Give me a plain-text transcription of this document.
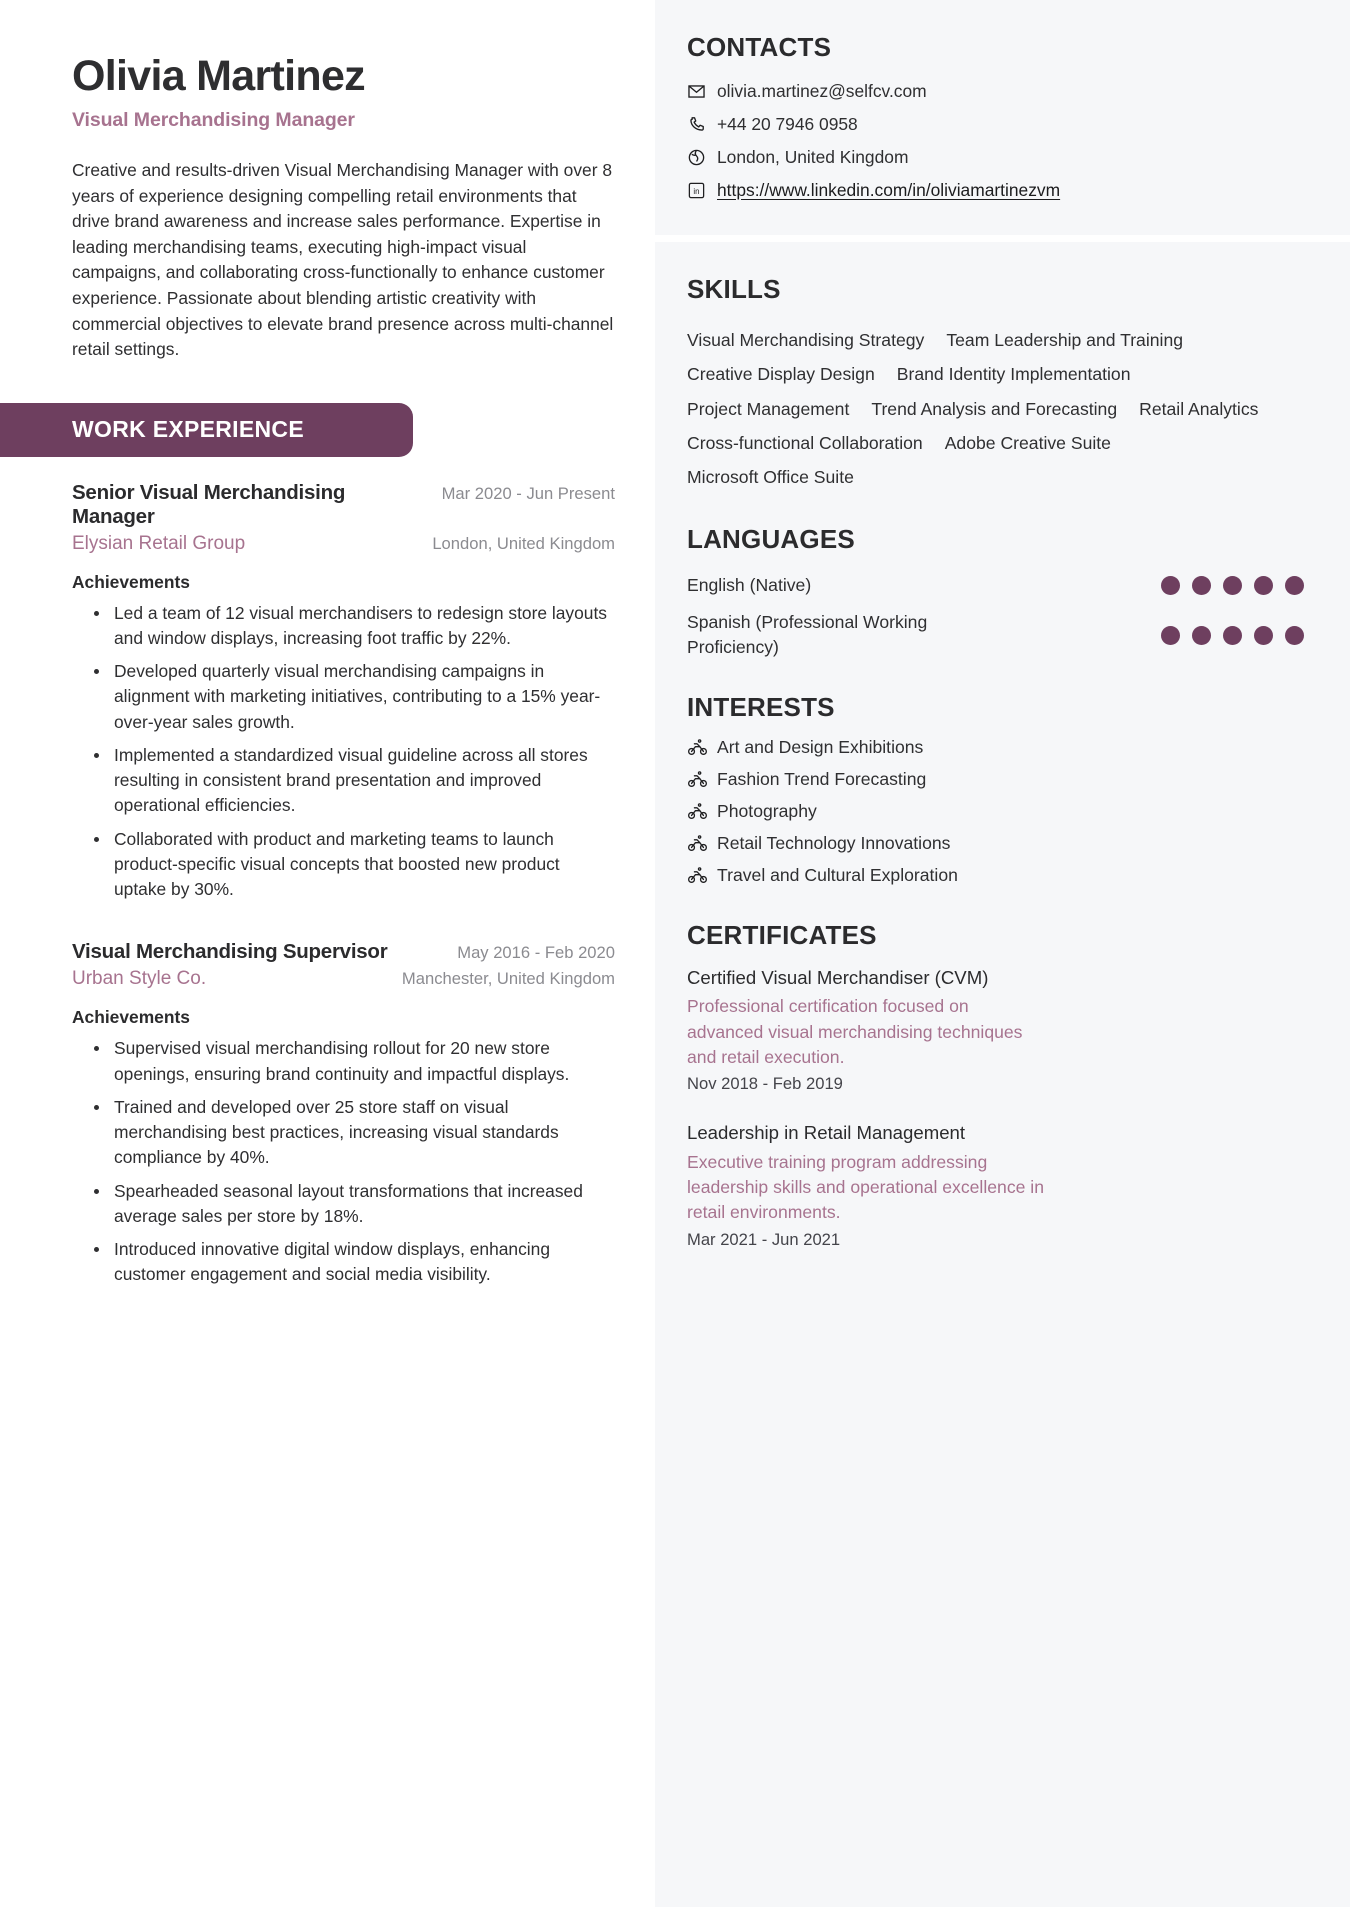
Olivia Martinez
Visual Merchandising Manager
Creative and results-driven Visual Merchandising Manager with over 8 years of experience designing compelling retail environments that drive brand awareness and increase sales performance. Expertise in leading merchandising teams, executing high-impact visual campaigns, and collaborating cross-functionally to enhance customer experience. Passionate about blending artistic creativity with commercial objectives to elevate brand presence across multi-channel retail settings.
WORK EXPERIENCE
Senior Visual Merchandising Manager
Mar 2020 - Jun Present
Elysian Retail Group	London, United Kingdom
Achievements
Led a team of 12 visual merchandisers to redesign store layouts and window displays, increasing foot traffic by 22%.
Developed quarterly visual merchandising campaigns in alignment with marketing initiatives, contributing to a 15% year-over-year sales growth.
Implemented a standardized visual guideline across all stores resulting in consistent brand presentation and improved operational efficiencies.
Collaborated with product and marketing teams to launch product-specific visual concepts that boosted new product uptake by 30%.
Visual Merchandising Supervisor	May 2016 - Feb 2020
Urban Style Co.	Manchester, United Kingdom
Achievements
Supervised visual merchandising rollout for 20 new store openings, ensuring brand continuity and impactful displays.
Trained and developed over 25 store staff on visual merchandising best practices, increasing visual standards compliance by 40%.
Spearheaded seasonal layout transformations that increased average sales per store by 18%.
Introduced innovative digital window displays, enhancing customer engagement and social media visibility.
CONTACTS
olivia.martinez@selfcv.com
+44 20 7946 0958
London, United Kingdom
in https://www.linkedin.com/in/oliviamartinezvm
SKILLS
Visual Merchandising Strategy Team Leadership and Training
Creative Display Design Brand Identity Implementation
Project Management Trend Analysis and Forecasting Retail Analytics
Cross-functional Collaboration Adobe Creative Suite
Microsoft Office Suite
LANGUAGES
English (Native)
Spanish (Professional Working Proficiency)
INTERESTS
Art and Design Exhibitions
Fashion Trend Forecasting
Photography
Retail Technology Innovations
Travel and Cultural Exploration
CERTIFICATES
Certified Visual Merchandiser (CVM)
Professional certification focused on advanced visual merchandising techniques and retail execution.
Nov 2018 - Feb 2019
Leadership in Retail Management
Executive training program addressing leadership skills and operational excellence in retail environments.
Mar 2021 - Jun 2021
